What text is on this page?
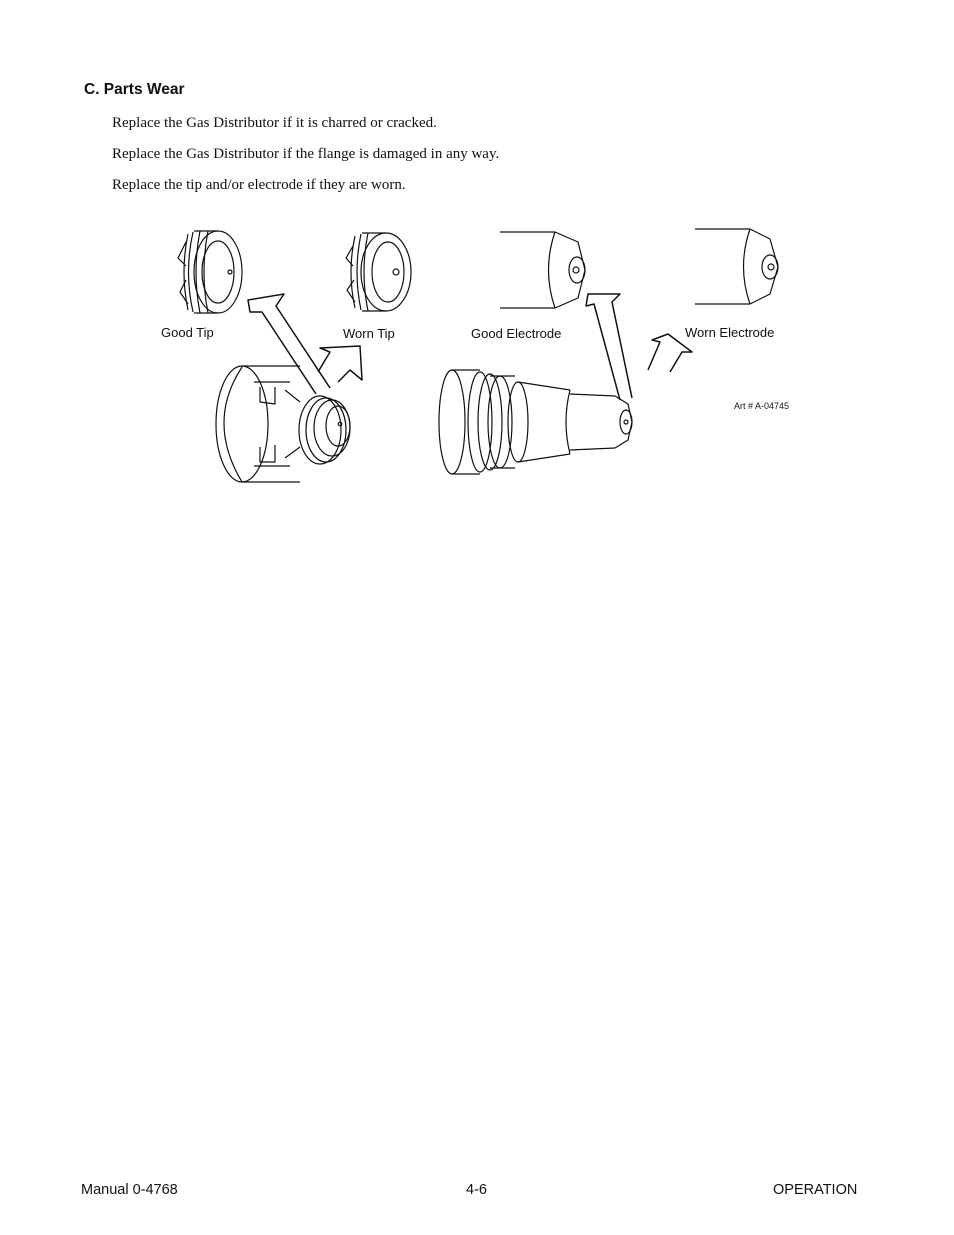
C. Parts Wear
Replace the Gas Distributor if it is charred or cracked.
Replace the Gas Distributor if the flange is damaged in any way.
Replace the tip and/or electrode if they are worn.
Good Tip	Worn Tip	Good Electrode	Worn Electrode
Art # A-04745
Manual 0-4768	4-6	OPERATION
